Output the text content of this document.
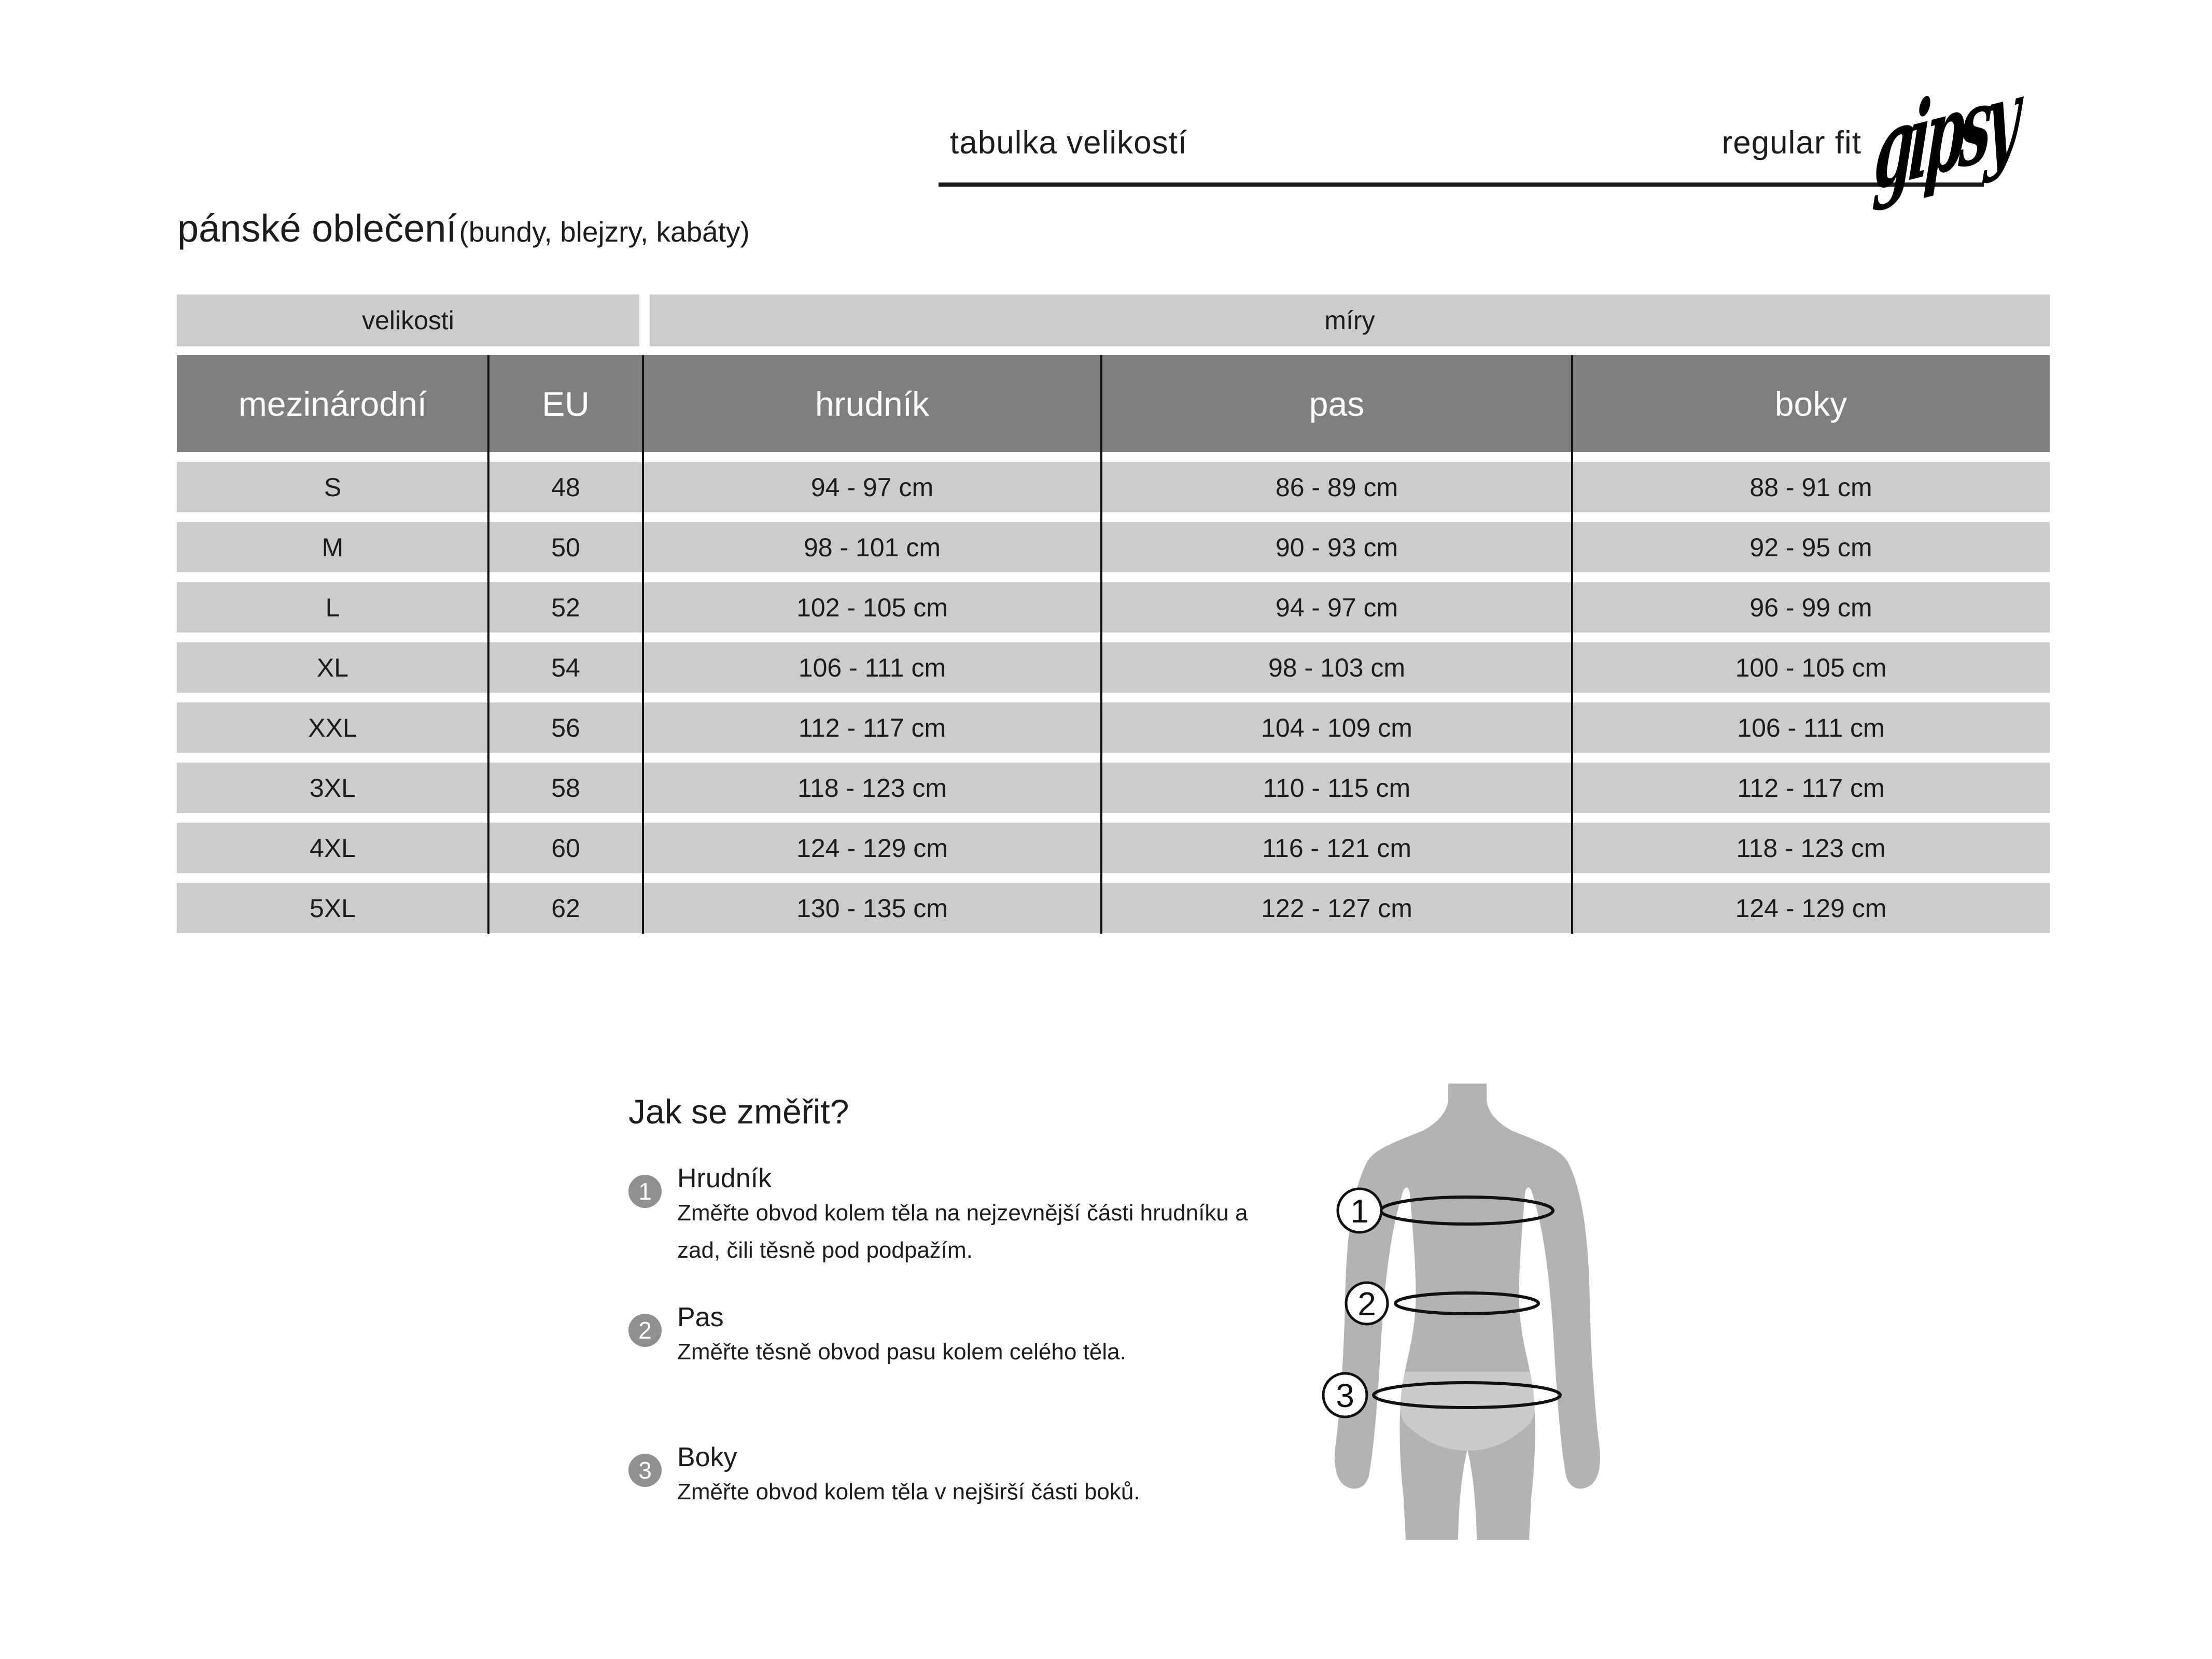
tabulka velikostí	regular fit gipsy
pánské oblečení (bundy, blejzry, kabáty)
velikosti	míry
mezinárodní	EU	hrudník	pas	boky
S	48	94 - 97 cm	86 - 89 cm	88 - 91 cm
M	50	98 - 101 cm	90 - 93 cm	92 - 95 cm
L	52	102 - 105 cm	94 - 97 cm	96 - 99 cm
XL	54	106 - 111 cm	98 - 103 cm	100 - 105 cm
XXL	56	112 - 117 cm	104 - 109 cm	106 - 111 cm
3XL	58	118 - 123 cm	110 - 115 cm	112 - 117 cm
4XL	60	124 - 129 cm	116 - 121 cm	118 - 123 cm
5XL	62	130 - 135 cm	122 - 127 cm	124 - 129 cm
Jak se změřit?
1 Hrudník
Změřte obvod kolem těla na nejzevnější části hrudníku a zad, čili těsně pod podpažím.
2 Pas
Změřte těsně obvod pasu kolem celého těla.
3 Boky
Změřte obvod kolem těla v nejširší části boků.
1
2
3
